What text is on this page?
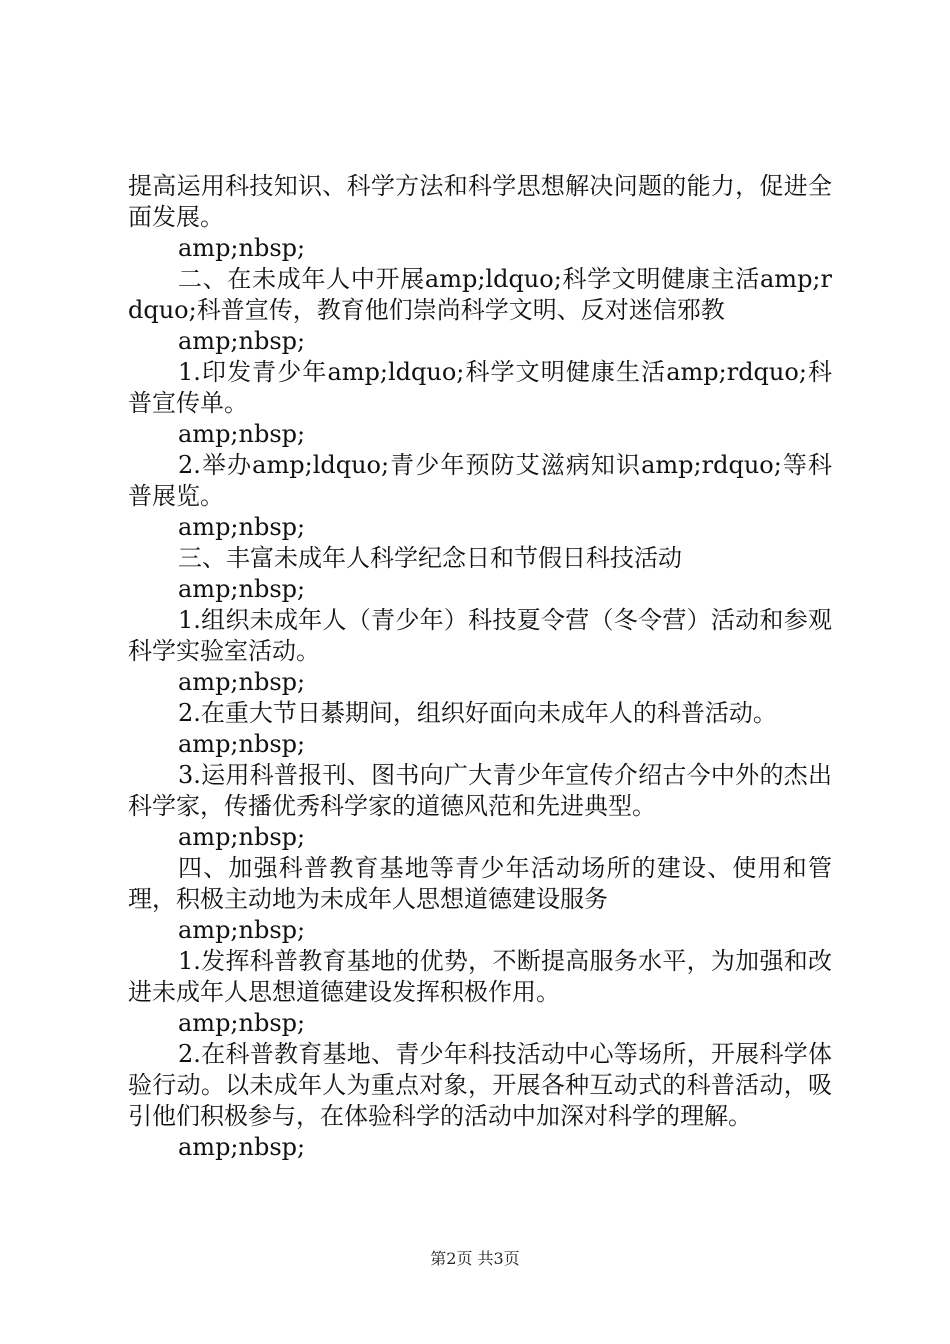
提高运用科技知识、科学方法和科学思想解决问题的能力，促进全面发展。

amp;nbsp;

二、在未成年人中开展amp;ldquo;科学文明健康主活amp;rdquo;科普宣传，教育他们崇尚科学文明、反对迷信邪教

amp;nbsp;

1.印发青少年amp;ldquo;科学文明健康生活amp;rdquo;科普宣传单。

amp;nbsp;

2.举办amp;ldquo;青少年预防艾滋病知识amp;rdquo;等科普展览。

amp;nbsp;

三、丰富未成年人科学纪念日和节假日科技活动

amp;nbsp;

1.组织未成年人（青少年）科技夏令营（冬令营）活动和参观科学实验室活动。

amp;nbsp;

2.在重大节日綦期间，组织好面向未成年人的科普活动。

amp;nbsp;

3.运用科普报刊、图书向广大青少年宣传介绍古今中外的杰出科学家，传播优秀科学家的道德风范和先进典型。

amp;nbsp;

四、加强科普教育基地等青少年活动场所的建设、使用和管理，积极主动地为未成年人思想道德建设服务

amp;nbsp;

1.发挥科普教育基地的优势，不断提高服务水平，为加强和改进未成年人思想道德建设发挥积极作用。

amp;nbsp;

2.在科普教育基地、青少年科技活动中心等场所，开展科学体验行动。以未成年人为重点对象，开展各种互动式的科普活动，吸引他们积极参与，在体验科学的活动中加深对科学的理解。

amp;nbsp;

第2页 共3页
